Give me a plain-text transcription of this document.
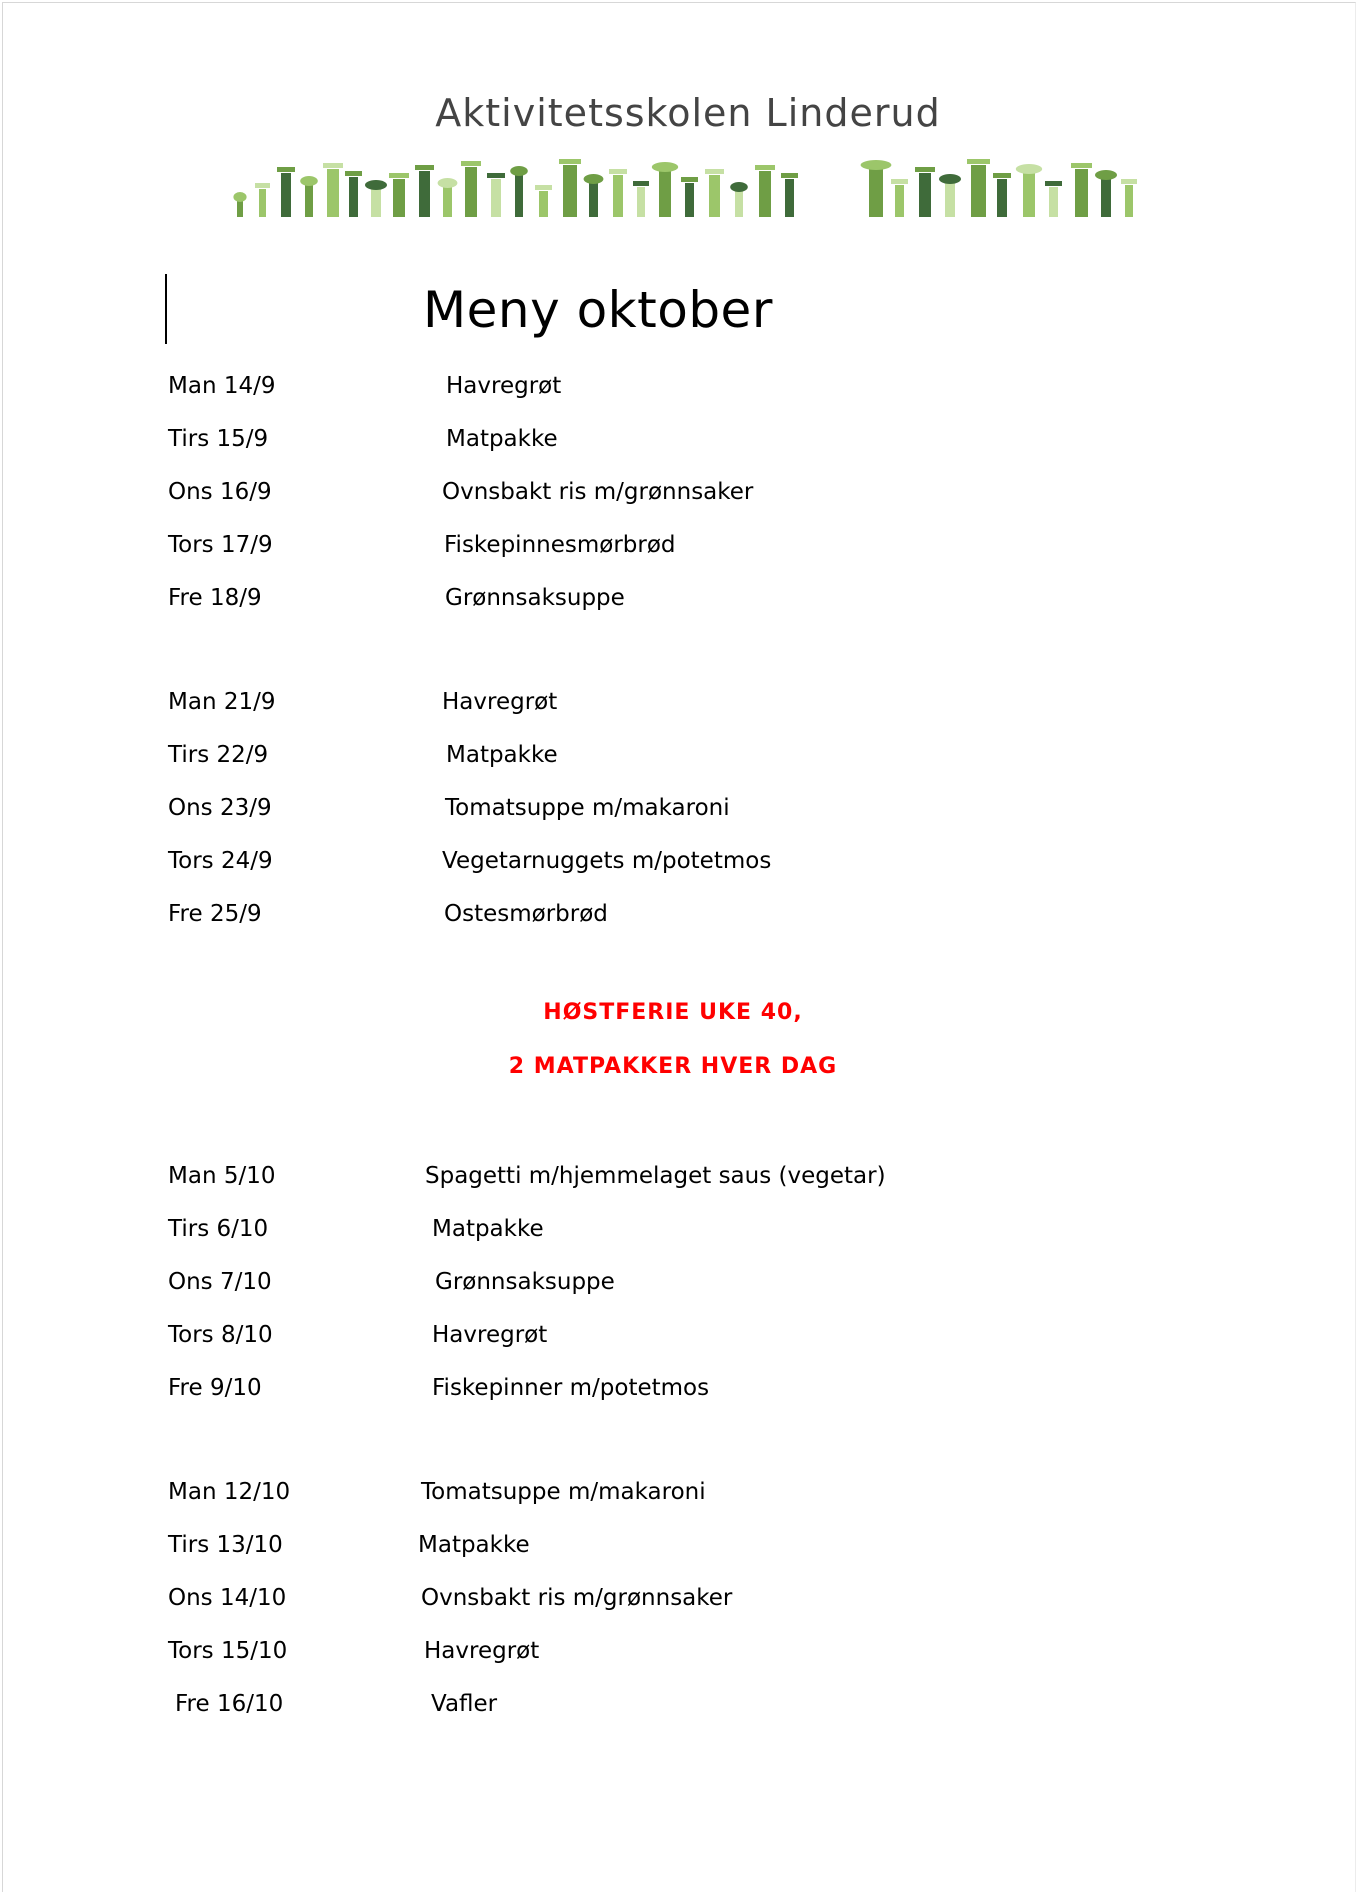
Aktivitetsskolen Linderud
Meny oktober
Man 14/9	Havregrøt
Tirs 15/9	Matpakke
Ons 16/9	Ovnsbakt ris m/grønnsaker
Tors 17/9	Fiskepinnesmørbrød
Fre 18/9	Grønnsaksuppe
Man 21/9	Havregrøt
Tirs 22/9	Matpakke
Ons 23/9	Tomatsuppe m/makaroni
Tors 24/9	Vegetarnuggets m/potetmos
Fre 25/9	Ostesmørbrød
Man 5/10	Spagetti m/hjemmelaget saus (vegetar)
Tirs 6/10	Matpakke
Ons 7/10	Grønnsaksuppe
Tors 8/10	Havregrøt
Fre 9/10	Fiskepinner m/potetmos
Man 12/10	Tomatsuppe m/makaroni
Tirs 13/10	Matpakke
Ons 14/10	Ovnsbakt ris m/grønnsaker
Tors 15/10	Havregrøt
Fre 16/10	Vafler
HØSTFERIE UKE 40,
2 MATPAKKER HVER DAG
